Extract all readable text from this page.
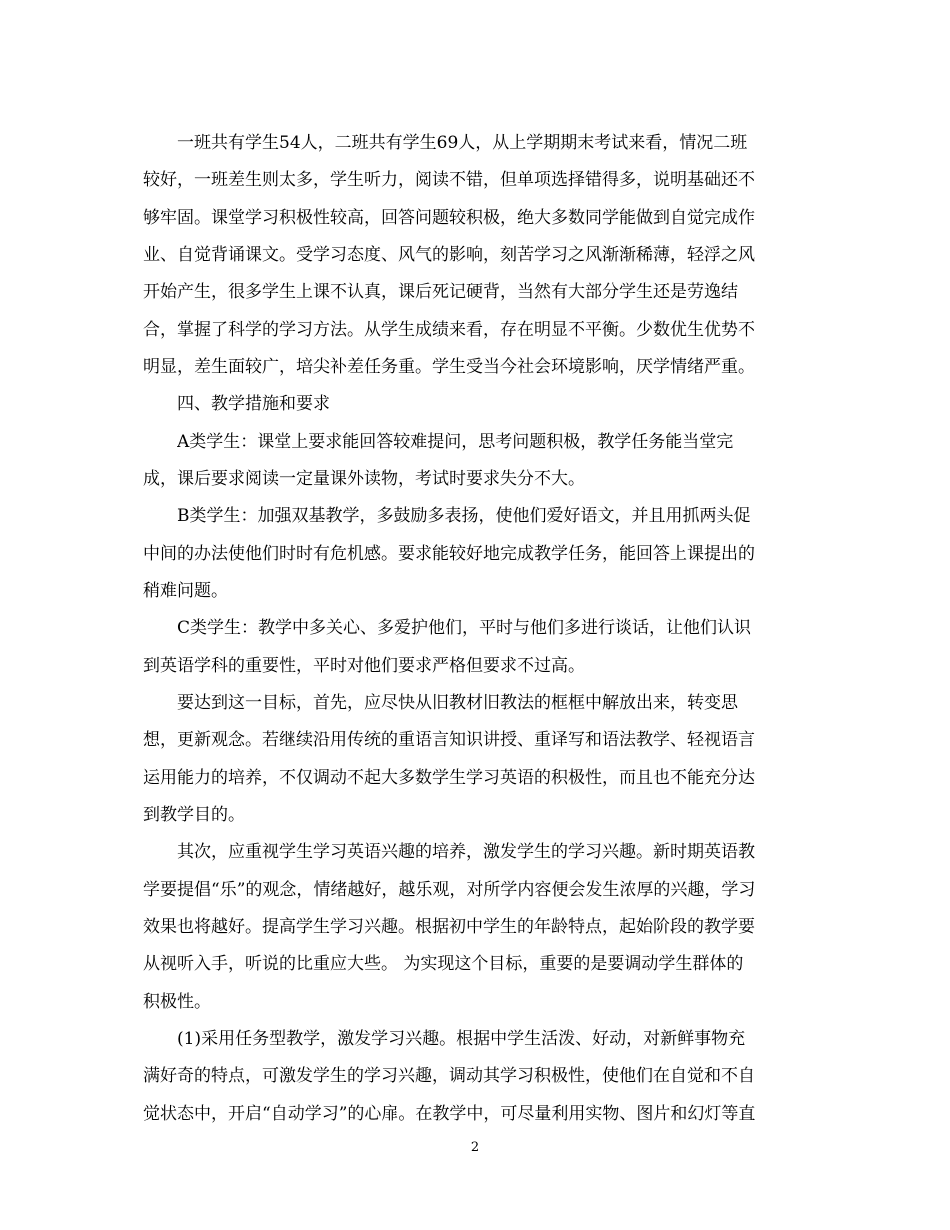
一班共有学生54人，二班共有学生69人，从上学期期末考试来看，情况二班
较好，一班差生则太多，学生听力，阅读不错，但单项选择错得多，说明基础还不
够牢固。课堂学习积极性较高，回答问题较积极，绝大多数同学能做到自觉完成作
业、自觉背诵课文。受学习态度、风气的影响，刻苦学习之风渐渐稀薄，轻浮之风
开始产生，很多学生上课不认真，课后死记硬背，当然有大部分学生还是劳逸结
合，掌握了科学的学习方法。从学生成绩来看，存在明显不平衡。少数优生优势不
明显，差生面较广，培尖补差任务重。学生受当今社会环境影响，厌学情绪严重。
四、教学措施和要求
A类学生：课堂上要求能回答较难提问，思考问题积极，教学任务能当堂完
成，课后要求阅读一定量课外读物，考试时要求失分不大。
B类学生：加强双基教学，多鼓励多表扬，使他们爱好语文，并且用抓两头促
中间的办法使他们时时有危机感。要求能较好地完成教学任务，能回答上课提出的
稍难问题。
C类学生：教学中多关心、多爱护他们，平时与他们多进行谈话，让他们认识
到英语学科的重要性，平时对他们要求严格但要求不过高。
要达到这一目标，首先，应尽快从旧教材旧教法的框框中解放出来，转变思
想，更新观念。若继续沿用传统的重语言知识讲授、重译写和语法教学、轻视语言
运用能力的培养，不仅调动不起大多数学生学习英语的积极性，而且也不能充分达
到教学目的。
其次，应重视学生学习英语兴趣的培养，激发学生的学习兴趣。新时期英语教
学要提倡“乐”的观念，情绪越好，越乐观，对所学内容便会发生浓厚的兴趣，学习
效果也将越好。提高学生学习兴趣。根据初中学生的年龄特点，起始阶段的教学要
从视听入手，听说的比重应大些。 为实现这个目标，重要的是要调动学生群体的
积极性。
(1)采用任务型教学，激发学习兴趣。根据中学生活泼、好动，对新鲜事物充
满好奇的特点，可激发学生的学习兴趣，调动其学习积极性，使他们在自觉和不自
觉状态中，开启“自动学习”的心扉。在教学中，可尽量利用实物、图片和幻灯等直
2
